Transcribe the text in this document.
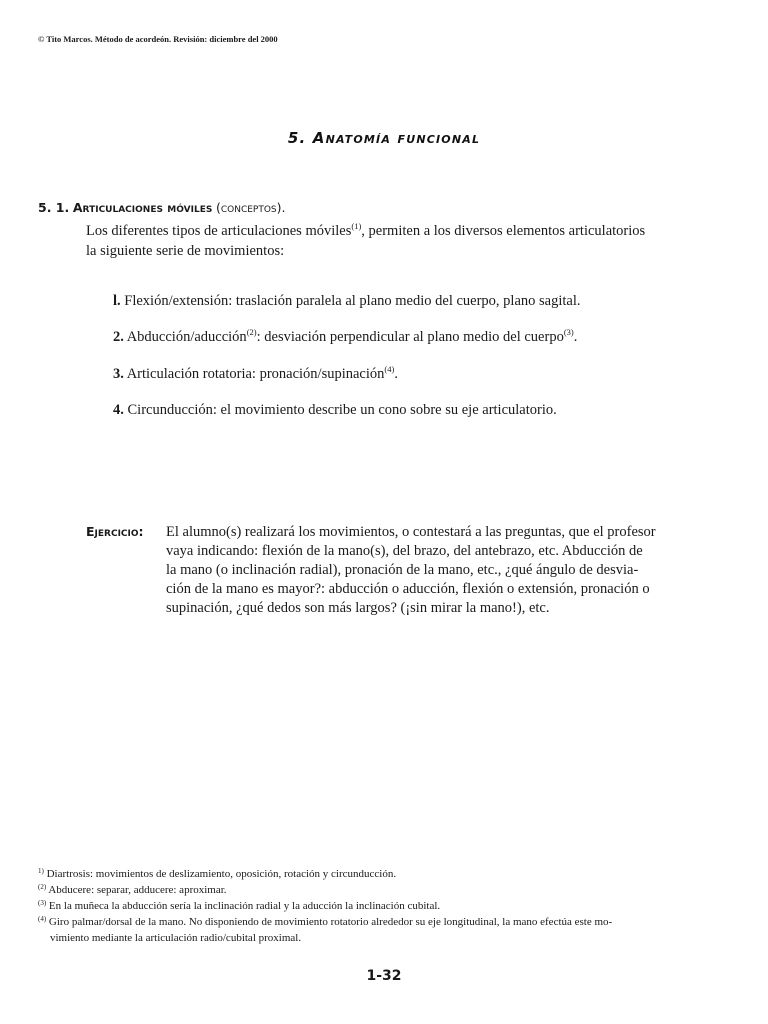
© Tito Marcos. Método de acordeón. Revisión: diciembre del 2000
5. Anatomía funcional
5. 1. Articulaciones móviles (conceptos).
Los diferentes tipos de articulaciones móviles$^{(1)}$, permiten a los diversos elementos articulatorios
la siguiente serie de movimientos:
l. Flexión/extensión: traslación paralela al plano medio del cuerpo, plano sagital.
2. Abducción/aducción$^{(2)}$: desviación perpendicular al plano medio del cuerpo$^{(3)}$.
3. Articulación rotatoria: pronación/supinación$^{(4)}$.
4. Circunducción: el movimiento describe un cono sobre su eje articulatorio.
Ejercicio: El alumno(s) realizará los movimientos, o contestará a las preguntas, que el profesor
vaya indicando: flexión de la mano(s), del brazo, del antebrazo, etc. Abducción de
la mano (o inclinación radial), pronación de la mano, etc., ¿qué ángulo de desvia-
ción de la mano es mayor?: abducción o aducción, flexión o extensión, pronación o
supinación, ¿qué dedos son más largos? (¡sin mirar la mano!), etc.
$^{1)}$ Diartrosis: movimientos de deslizamiento, oposición, rotación y circunducción.
$^{(2)}$ Abducere: separar, adducere: aproximar.
$^{(3)}$ En la muñeca la abducción sería la inclinación radial y la aducción la inclinación cubital.
$^{(4)}$ Giro palmar/dorsal de la mano. No disponiendo de movimiento rotatorio alrededor su eje longitudinal, la mano efectúa este mo-
vimiento mediante la articulación radio/cubital proximal.
1-32
